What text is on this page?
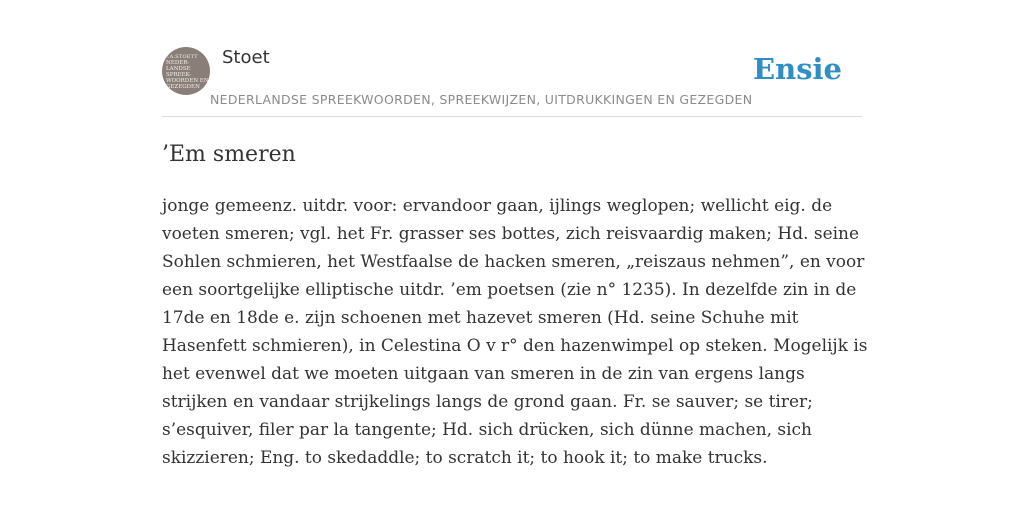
F.A.STOETT
NEDER-
LANDSE
SPREEK-
WOORDEN EN
GEZEGDEN
Stoet
NEDERLANDSE SPREEKWOORDEN, SPREEKWIJZEN, UITDRUKKINGEN EN GEZEGDEN
Ensie
’Em smeren

jonge gemeenz. uitdr. voor: ervandoor gaan, ijlings weglopen; wellicht eig. de
voeten smeren; vgl. het Fr. grasser ses bottes, zich reisvaardig maken; Hd. seine
Sohlen schmieren, het Westfaalse de hacken smeren, „reiszaus nehmen”, en voor
een soortgelijke elliptische uitdr. ’em poetsen (zie n° 1235). In dezelfde zin in de
17de en 18de e. zijn schoenen met hazevet smeren (Hd. seine Schuhe mit
Hasenfett schmieren), in Celestina O v r° den hazenwimpel op steken. Mogelijk is
het evenwel dat we moeten uitgaan van smeren in de zin van ergens langs
strijken en vandaar strijkelings langs de grond gaan. Fr. se sauver; se tirer;
s’esquiver, filer par la tangente; Hd. sich drücken, sich dünne machen, sich
skizzieren; Eng. to skedaddle; to scratch it; to hook it; to make trucks.
